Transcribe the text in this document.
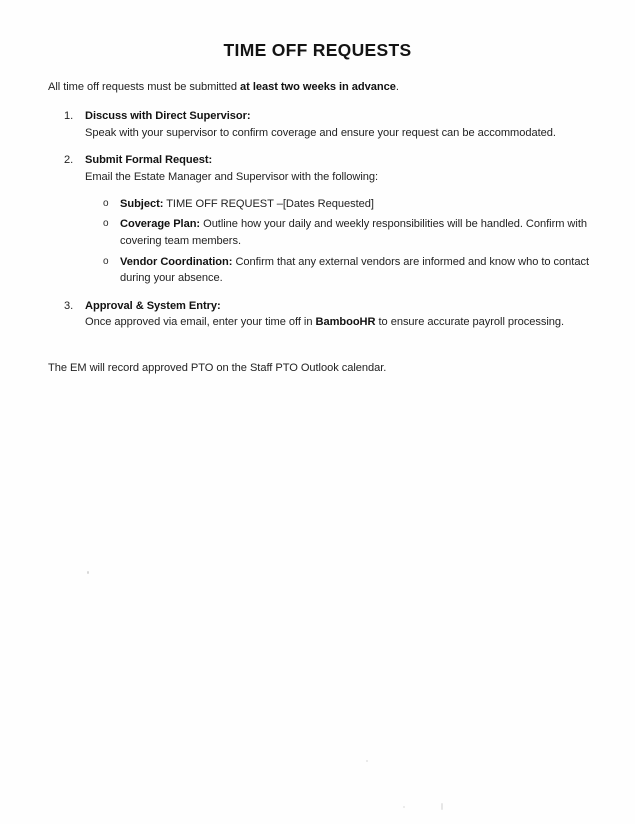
TIME OFF REQUESTS

All time off requests must be submitted at least two weeks in advance.

1. Discuss with Direct Supervisor:
Speak with your supervisor to confirm coverage and ensure your request can be accommodated.
2. Submit Formal Request:
Email the Estate Manager and Supervisor with the following:
o Subject: TIME OFF REQUEST –[Dates Requested]
o Coverage Plan: Outline how your daily and weekly responsibilities will be handled. Confirm with covering team members.
o Vendor Coordination: Confirm that any external vendors are informed and know who to contact during your absence.
3. Approval & System Entry:
Once approved via email, enter your time off in BambooHR to ensure accurate payroll processing.

The EM will record approved PTO on the Staff PTO Outlook calendar.
